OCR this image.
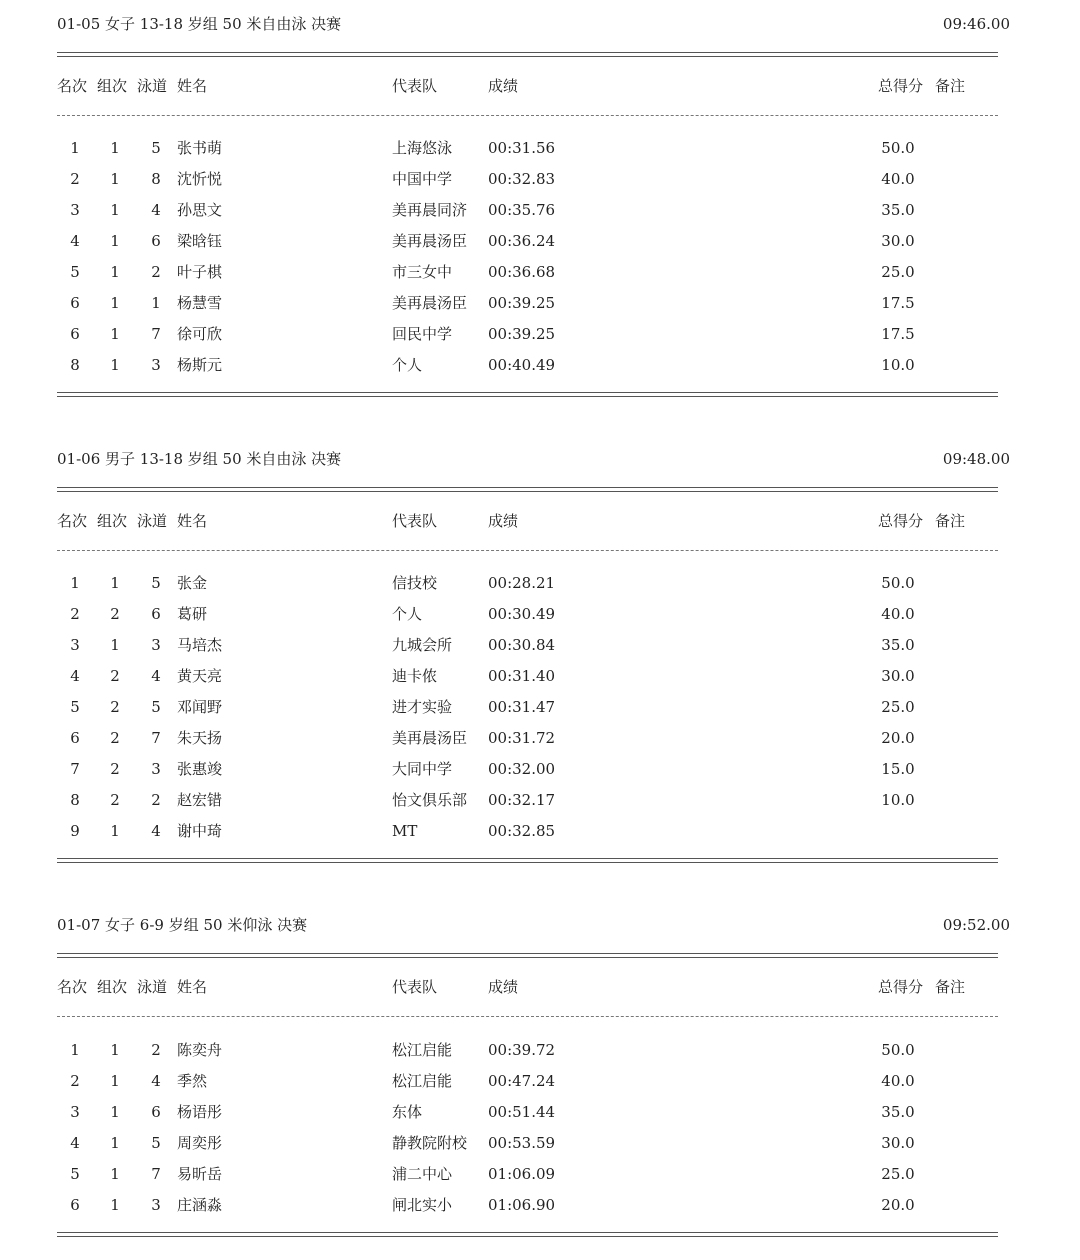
01-05 女子 13-18 岁组 50 米自由泳 决赛	09:46.00
名次 组次 泳道 姓名	代表队	成绩	总得分 备注
1	1	5	张书萌	上海悠泳 00:31.56	50.0
2	1	8	沈忻悦	中国中学 00:32.83	40.0
3	1	4	孙思文	美再晨同济 00:35.76	35.0
4	1	6	梁晗钰	美再晨汤臣 00:36.24	30.0
5	1	2	叶子棋	市三女中 00:36.68	25.0
6	1	1	杨慧雪	美再晨汤臣 00:39.25	17.5
6	1	7	徐可欣	回民中学 00:39.25	17.5
8	1	3	杨斯元	个人	00:40.49	10.0
01-06 男子 13-18 岁组 50 米自由泳 决赛	09:48.00
名次 组次 泳道 姓名	代表队	成绩	总得分 备注
1	1	5	张金	信技校	00:28.21	50.0
2	2	6	葛研	个人	00:30.49	40.0
3	1	3	马培杰	九城会所 00:30.84	35.0
4	2	4	黄天亮	迪卡侬	00:31.40	30.0
5	2	5	邓闻野	进才实验 00:31.47	25.0
6	2	7	朱天扬	美再晨汤臣 00:31.72	20.0
7	2	3	张惠竣	大同中学 00:32.00	15.0
8	2	2	赵宏错	怡文俱乐部 00:32.17	10.0
9	1	4	谢中琦	MT	00:32.85
01-07 女子 6-9 岁组 50 米仰泳 决赛	09:52.00
名次 组次 泳道 姓名	代表队	成绩	总得分 备注
1	1	2	陈奕舟	松江启能 00:39.72	50.0
2	1	4	季然	松江启能 00:47.24	40.0
3	1	6	杨语彤	东体	00:51.44	35.0
4	1	5	周奕彤	静教院附校 00:53.59	30.0
5	1	7	易昕岳	浦二中心 01:06.09	25.0
6	1	3	庄涵淼	闸北实小 01:06.90	20.0
